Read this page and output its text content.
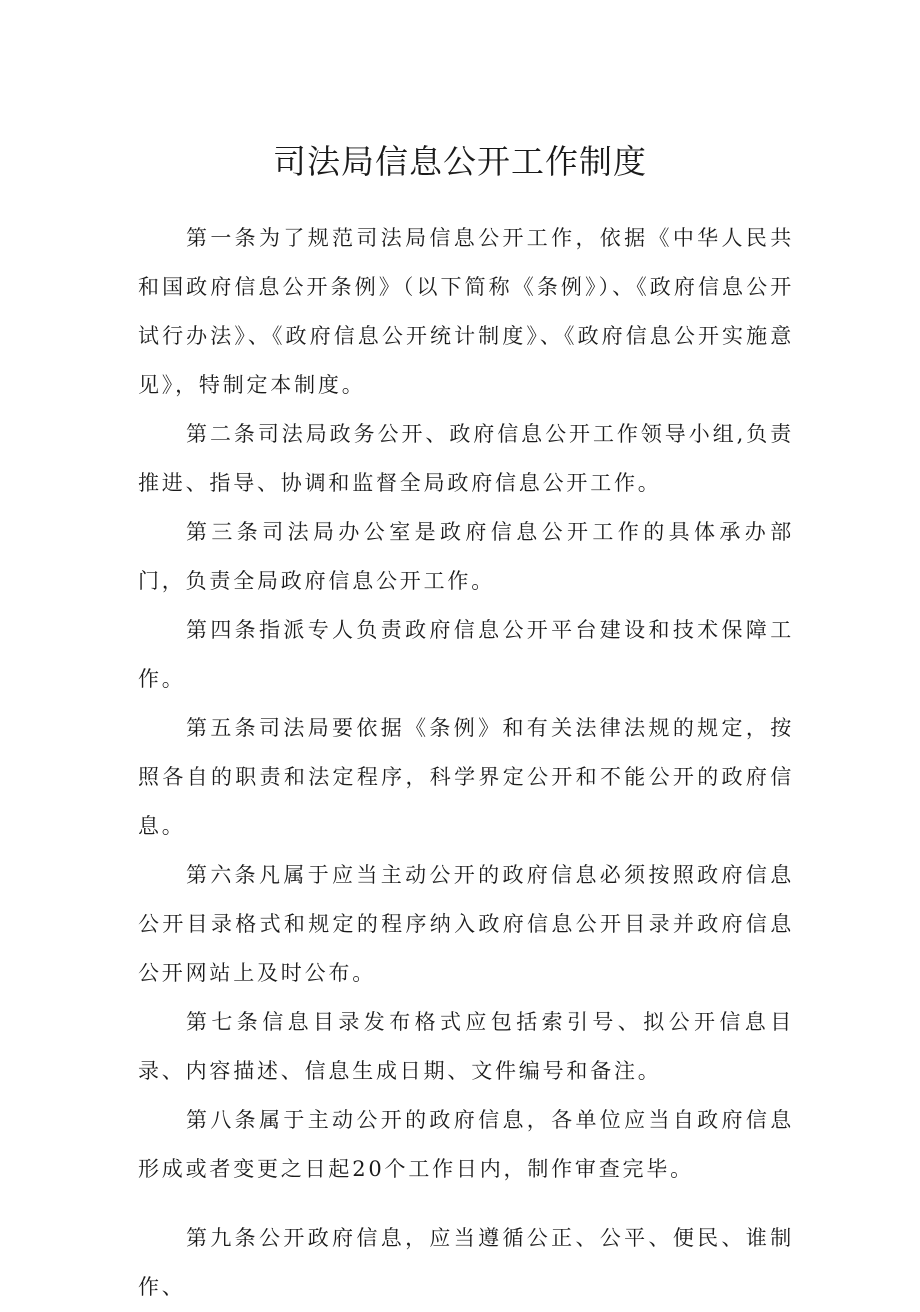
司法局信息公开工作制度

第一条为了规范司法局信息公开工作，依据《中华人民共和国政府信息公开条例》（以下简称《条例》）、《政府信息公开试行办法》、《政府信息公开统计制度》、《政府信息公开实施意见》，特制定本制度。

第二条司法局政务公开、政府信息公开工作领导小组,负责推进、指导、协调和监督全局政府信息公开工作。

第三条司法局办公室是政府信息公开工作的具体承办部门，负责全局政府信息公开工作。

第四条指派专人负责政府信息公开平台建设和技术保障工作。

第五条司法局要依据《条例》和有关法律法规的规定，按照各自的职责和法定程序，科学界定公开和不能公开的政府信息。

第六条凡属于应当主动公开的政府信息必须按照政府信息公开目录格式和规定的程序纳入政府信息公开目录并政府信息公开网站上及时公布。

第七条信息目录发布格式应包括索引号、拟公开信息目录、内容描述、信息生成日期、文件编号和备注。

第八条属于主动公开的政府信息，各单位应当自政府信息形成或者变更之日起20个工作日内，制作审查完毕。

第九条公开政府信息，应当遵循公正、公平、便民、谁制作、
